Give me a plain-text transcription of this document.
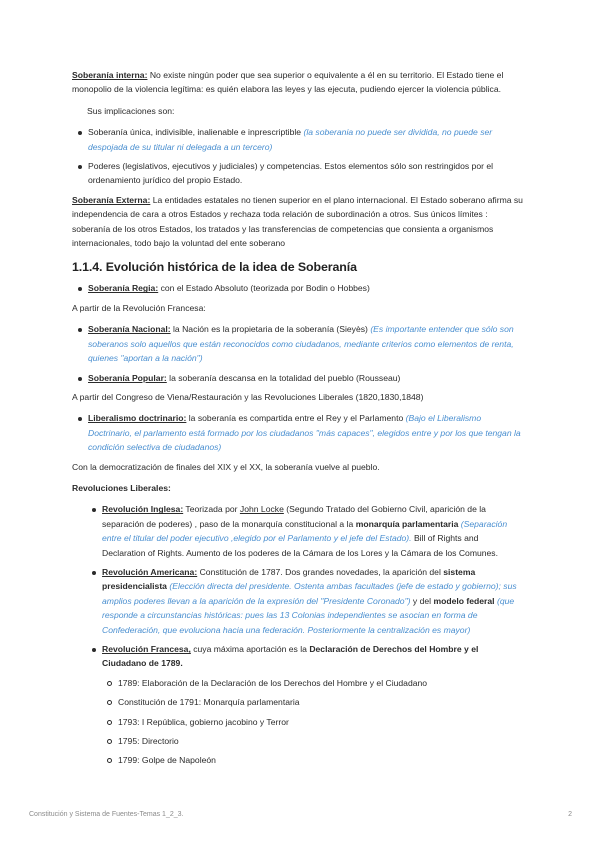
Soberanía interna: No existe ningún poder que sea superior o equivalente a él en su territorio. El Estado tiene el monopolio de la violencia legítima: es quién elabora las leyes y las ejecuta, pudiendo ejercer la violencia pública.

Sus implicaciones son:

Soberanía única, indivisible, inalienable e inprescriptible (la soberania no puede ser dividida, no puede ser despojada de su titular ni delegada a un tercero)
Poderes (legislativos, ejecutivos y judiciales) y competencias. Estos elementos sólo son restringidos por el ordenamiento jurídico del propio Estado.

Soberanía Externa: La entidades estatales no tienen superior en el plano internacional. El Estado soberano afirma su independencia de cara a otros Estados y rechaza toda relación de subordinación a otros. Sus únicos límites : soberanía de los otros Estados, los tratados y las transferencias de competencias que consienta a organismos internacionales, todo bajo la voluntad del ente soberano

1.1.4. Evolución histórica de la idea de Soberanía
Soberanía Regia: con el Estado Absoluto (teorizada por Bodin o Hobbes)

A partir de la Revolución Francesa:

Soberanía Nacional: la Nación es la propietaria de la soberanía (Sieyès) (Es importante entender que sólo son soberanos solo aquellos que están reconocidos como ciudadanos, mediante criterios como elementos de renta, quienes "aportan a la nación")
Soberanía Popular: la soberanía descansa en la totalidad del pueblo (Rousseau)

A partir del Congreso de Viena/Restauración y las Revoluciones Liberales (1820,1830,1848)

Liberalismo doctrinario: la soberanía es compartida entre el Rey y el Parlamento (Bajo el Liberalismo Doctrinario, el parlamento está formado por los ciudadanos "más capaces", elegidos entre y por los que tengan la condición selectiva de ciudadanos)

Con la democratización de finales del XIX y el XX, la soberanía vuelve al pueblo.

Revoluciones Liberales:

Revolución Inglesa: Teorizada por John Locke (Segundo Tratado del Gobierno Civil, aparición de la separación de poderes) , paso de la monarquía constitucional a la monarquía parlamentaria (Separación entre el titular del poder ejecutivo ,elegido por el Parlamento y el jefe del Estado). Bill of Rights and Declaration of Rights. Aumento de los poderes de la Cámara de los Lores y la Cámara de los Comunes.
Revolución Americana: Constitución de 1787. Dos grandes novedades, la aparición del sistema presidencialista (Elección directa del presidente. Ostenta ambas facultades (jefe de estado y gobierno); sus amplios poderes llevan a la aparición de la expresión del "Presidente Coronado") y del modelo federal (que responde a circunstancias históricas: pues las 13 Colonias independientes se asocian en forma de Confederación, que evoluciona hacia una federación. Posteriormente la centralización es mayor)
Revolución Francesa, cuya máxima aportación es la Declaración de Derechos del Hombre y el Ciudadano de 1789.
1789: Elaboración de la Declaración de los Derechos del Hombre y el Ciudadano
Constitución de 1791: Monarquía parlamentaria
1793: I República, gobierno jacobino y Terror
1795: Directorio
1799: Golpe de Napoleón
Constitución y Sistema de Fuentes-Temas 1_2_3.	2
